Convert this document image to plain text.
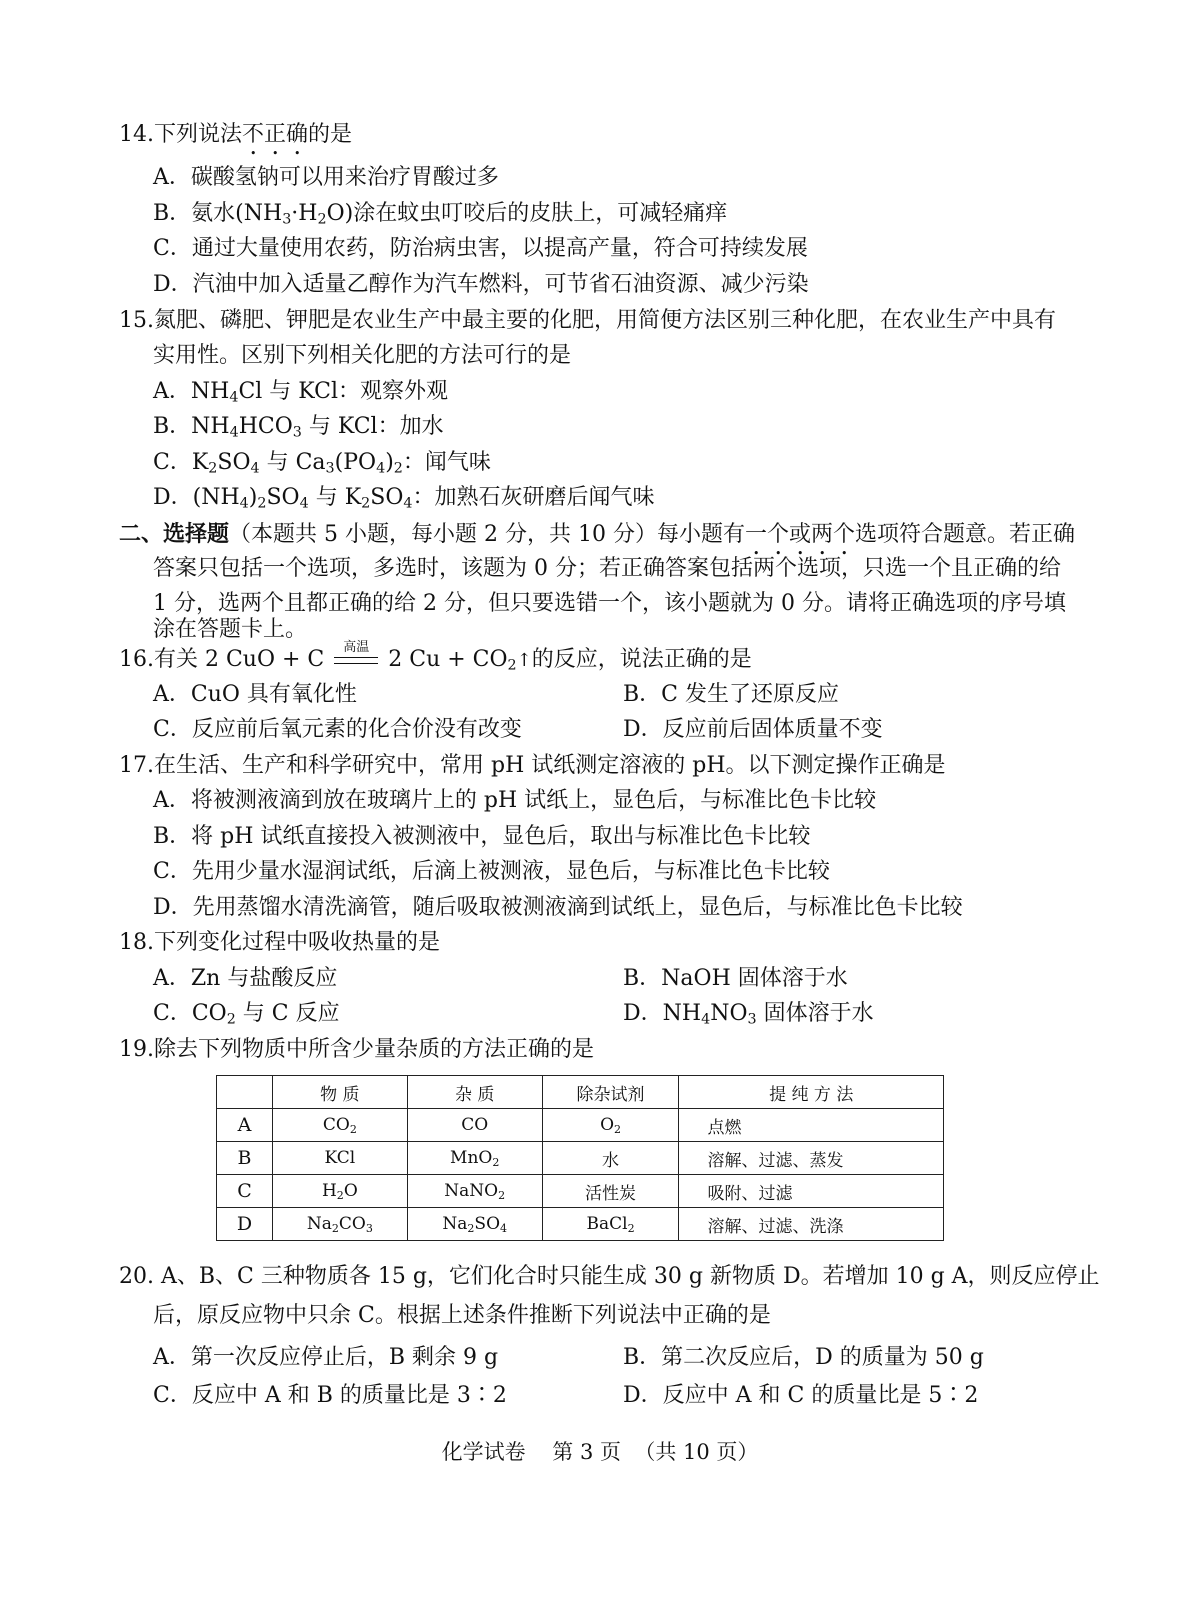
14.下列说法不正确的是
A．碳酸氢钠可以用来治疗胃酸过多
B．氨水$(NH_3\cdot H_2O)$涂在蚊虫叮咬后的皮肤上，可减轻痛痒
C．通过大量使用农药，防治病虫害，以提高产量，符合可持续发展
D．汽油中加入适量乙醇作为汽车燃料，可节省石油资源、减少污染
15.氮肥、磷肥、钾肥是农业生产中最主要的化肥，用简便方法区别三种化肥，在农业生产中具有
实用性。区别下列相关化肥的方法可行的是
A．$NH_4Cl$ 与 KCl：观察外观
B．$NH_4HCO_3$ 与 KCl：加水
C．$K_2SO_4$ 与 $Ca_3(PO_4)_2$：闻气味
D．$(NH_4)_2SO_4$ 与 $K_2SO_4$：加熟石灰研磨后闻气味
二、选择题（本题共 5 小题，每小题 2 分，共 10 分）每小题有一个或两个选项符合题意。若正确
答案只包括一个选项，多选时，该题为 0 分；若正确答案包括两个选项，只选一个且正确的给
1 分，选两个且都正确的给 2 分，但只要选错一个，该小题就为 0 分。请将正确选项的序号填
涂在答题卡上。
16.有关 2 CuO + C	高温 2 $Cu + CO_2↑$的反应，说法正确的是
A．CuO 具有氧化性	B．C 发生了还原反应
C．反应前后氧元素的化合价没有改变	D．反应前后固体质量不变
17.在生活、生产和科学研究中，常用 pH 试纸测定溶液的 pH。以下测定操作正确是
A．将被测液滴到放在玻璃片上的 pH 试纸上，显色后，与标准比色卡比较
B．将 pH 试纸直接投入被测液中，显色后，取出与标准比色卡比较
C．先用少量水湿润试纸，后滴上被测液，显色后，与标准比色卡比较
D．先用蒸馏水清洗滴管，随后吸取被测液滴到试纸上，显色后，与标准比色卡比较
18.下列变化过程中吸收热量的是
A．Zn 与盐酸反应	B．NaOH 固体溶于水
C．$CO_2$ 与 C 反应	D．$NH_4NO_3$ 固体溶于水
19.除去下列物质中所含少量杂质的方法正确的是
	物 质	杂 质	除杂试剂	提 纯 方 法
A	$CO_2$	CO	$O_2$	点燃
B	KCl	MnO$_2$	水	溶解、过滤、蒸发
C	$H_2O$	NaNO$_2$	活性炭	吸附、过滤
D	$Na_2CO_3$	$Na_2SO_4$	BaCl$_2$	溶解、过滤、洗涤
20. A、B、C 三种物质各 15 g，它们化合时只能生成 30 g 新物质 D。若增加 10 g A，则反应停止
后，原反应物中只余 C。根据上述条件推断下列说法中正确的是
A．第一次反应停止后，B 剩余 9 g	B．第二次反应后，D 的质量为 50 g
C．反应中 A 和 B 的质量比是 3∶2	D．反应中 A 和 C 的质量比是 5∶2
化学试卷    第 3 页  （共 10 页）
